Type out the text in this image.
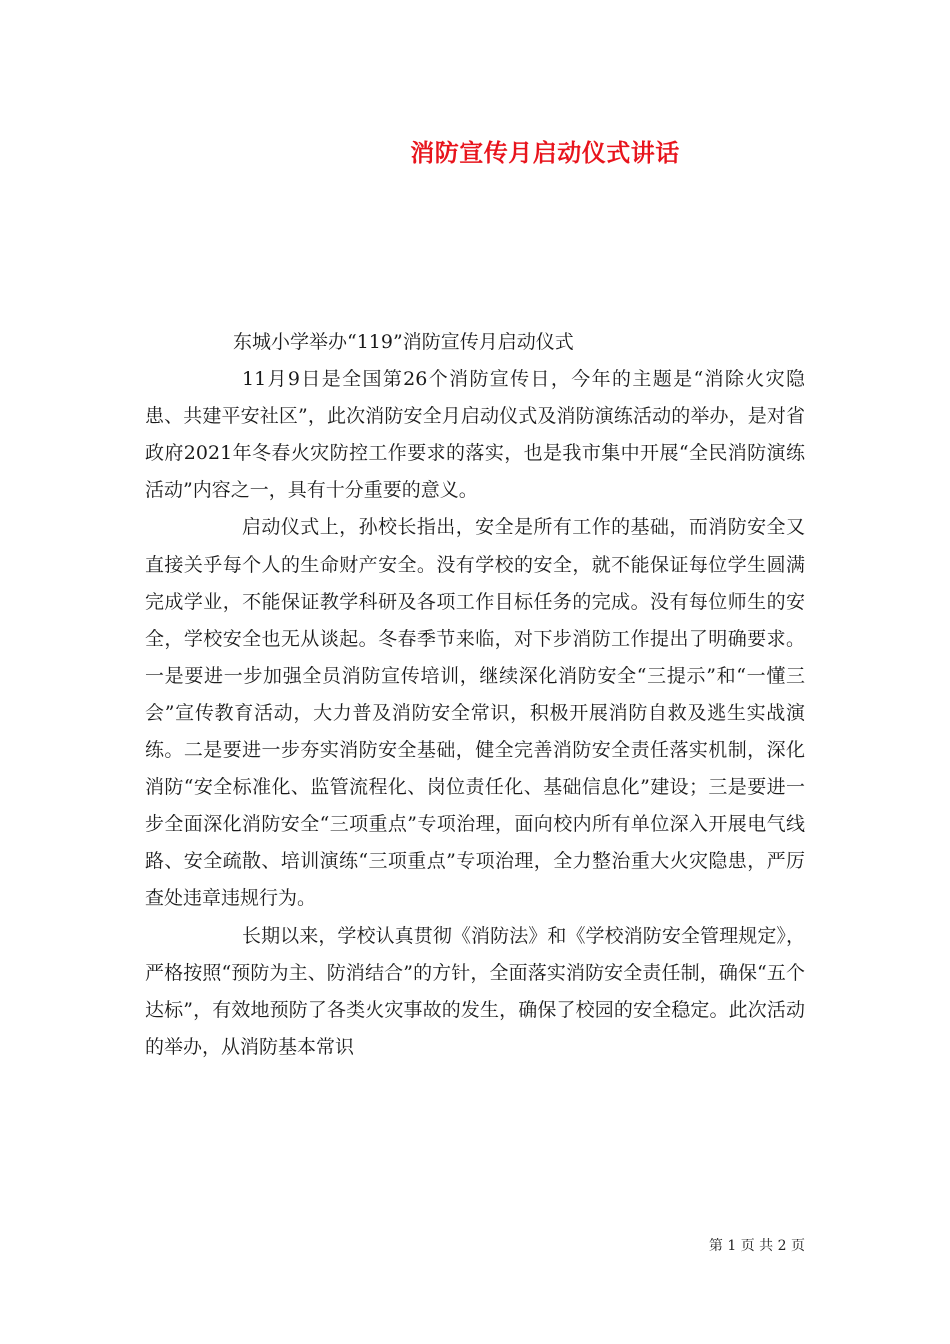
消防宣传月启动仪式讲话

东城小学举办“119”消防宣传月启动仪式

11月9日是全国第26个消防宣传日，今年的主题是“消除火灾隐患、共建平安社区”，此次消防安全月启动仪式及消防演练活动的举办，是对省政府2021年冬春火灾防控工作要求的落实，也是我市集中开展“全民消防演练活动”内容之一，具有十分重要的意义。

启动仪式上，孙校长指出，安全是所有工作的基础，而消防安全又直接关乎每个人的生命财产安全。没有学校的安全，就不能保证每位学生圆满完成学业，不能保证教学科研及各项工作目标任务的完成。没有每位师生的安全，学校安全也无从谈起。冬春季节来临，对下步消防工作提出了明确要求。一是要进一步加强全员消防宣传培训，继续深化消防安全“三提示”和“一懂三会”宣传教育活动，大力普及消防安全常识，积极开展消防自救及逃生实战演练。二是要进一步夯实消防安全基础，健全完善消防安全责任落实机制，深化消防“安全标准化、监管流程化、岗位责任化、基础信息化”建设；三是要进一步全面深化消防安全“三项重点”专项治理，面向校内所有单位深入开展电气线路、安全疏散、培训演练“三项重点”专项治理，全力整治重大火灾隐患，严厉查处违章违规行为。

长期以来，学校认真贯彻《消防法》和《学校消防安全管理规定》，严格按照“预防为主、防消结合”的方针，全面落实消防安全责任制，确保“五个达标”，有效地预防了各类火灾事故的发生，确保了校园的安全稳定。此次活动的举办，从消防基本常识

第 1 页 共 2 页
